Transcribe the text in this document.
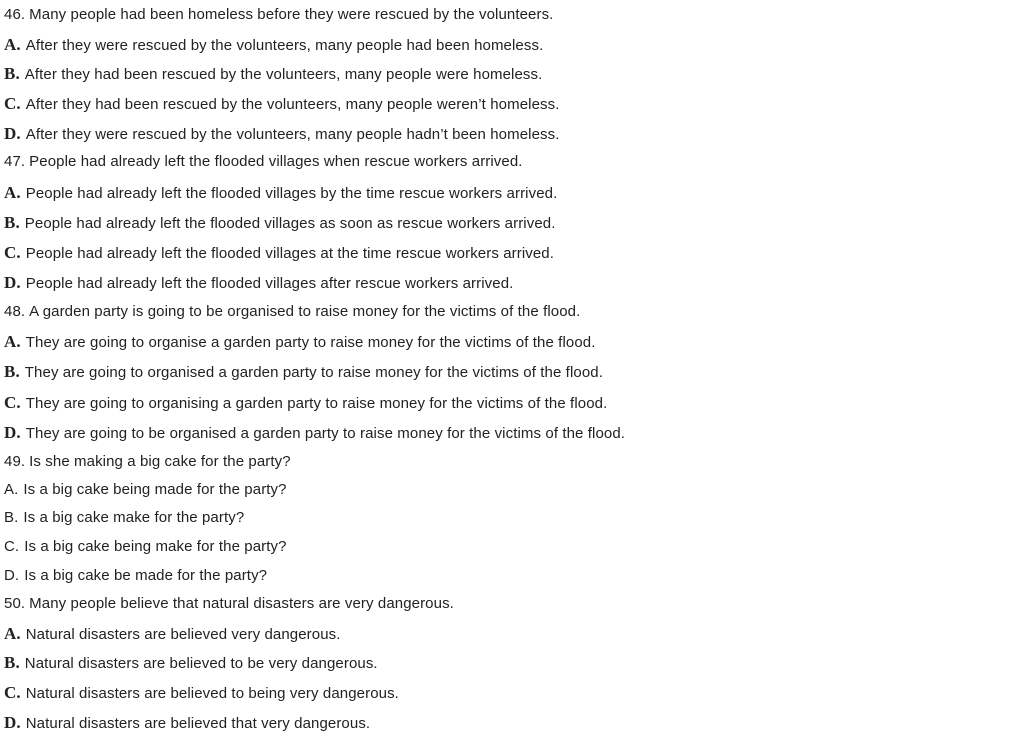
46. Many people had been homeless before they were rescued by the volunteers.
A. After they were rescued by the volunteers, many people had been homeless.
B. After they had been rescued by the volunteers, many people were homeless.
C. After they had been rescued by the volunteers, many people weren’t homeless.
D. After they were rescued by the volunteers, many people hadn’t been homeless.
47. People had already left the flooded villages when rescue workers arrived.
A. People had already left the flooded villages by the time rescue workers arrived.
B. People had already left the flooded villages as soon as rescue workers arrived.
C. People had already left the flooded villages at the time rescue workers arrived.
D. People had already left the flooded villages after rescue workers arrived.
48. A garden party is going to be organised to raise money for the victims of the flood.
A. They are going to organise a garden party to raise money for the victims of the flood.
B. They are going to organised a garden party to raise money for the victims of the flood.
C. They are going to organising a garden party to raise money for the victims of the flood.
D. They are going to be organised a garden party to raise money for the victims of the flood.
49. Is she making a big cake for the party?
A. Is a big cake being made for the party?
B. Is a big cake make for the party?
C. Is a big cake being make for the party?
D. Is a big cake be made for the party?
50. Many people believe that natural disasters are very dangerous.
A. Natural disasters are believed very dangerous.
B. Natural disasters are believed to be very dangerous.
C. Natural disasters are believed to being very dangerous.
D. Natural disasters are believed that very dangerous.
